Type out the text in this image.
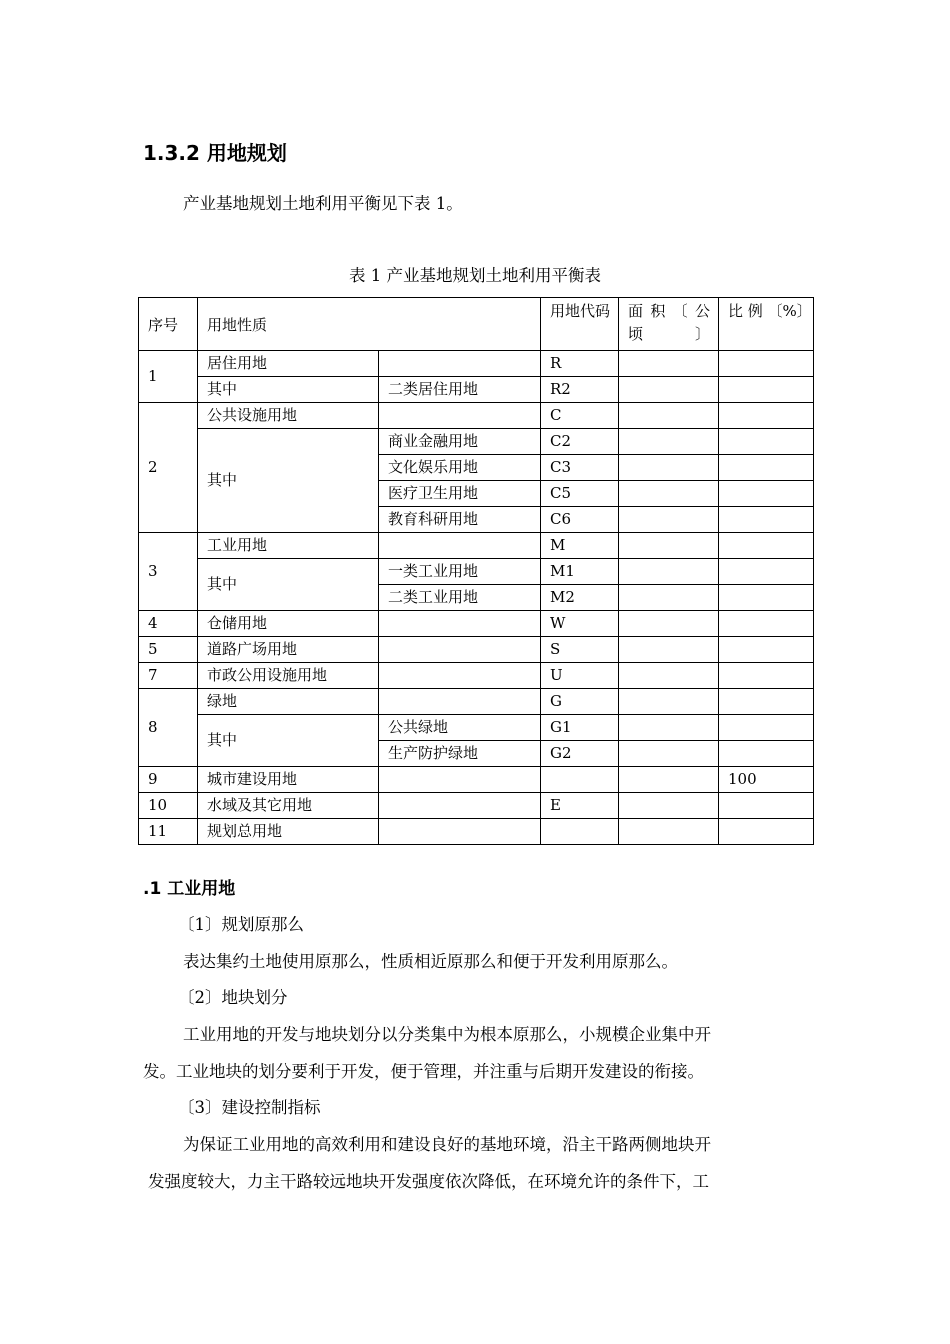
1.3.2 用地规划
产业基地规划土地利用平衡见下表 1。
表 1 产业基地规划土地利用平衡表
序号	用地性质		用地代码	面积〔公顷〕	比 例 〔%〕
1	居住用地		R		
	其中	二类居住用地	R2		
2	公共设施用地		C		
	其中	商业金融用地	C2		
		文化娱乐用地	C3		
		医疗卫生用地	C5		
		教育科研用地	C6		
3	工业用地		M		
	其中	一类工业用地	M1		
		二类工业用地	M2		
4	仓储用地		W		
5	道路广场用地		S		
7	市政公用设施用地		U		
8	绿地		G		
	其中	公共绿地	G1		
		生产防护绿地	G2		
9	城市建设用地				100
10	水域及其它用地		E		
11	规划总用地				
.1 工业用地
〔1〕规划原那么
表达集约土地使用原那么，性质相近原那么和便于开发利用原那么。
〔2〕地块划分
工业用地的开发与地块划分以分类集中为根本原那么，小规模企业集中开
发。工业地块的划分要利于开发，便于管理，并注重与后期开发建设的衔接。
〔3〕建设控制指标
为保证工业用地的高效利用和建设良好的基地环境，沿主干路两侧地块开
发强度较大，力主干路较远地块开发强度依次降低，在环境允许的条件下，工
